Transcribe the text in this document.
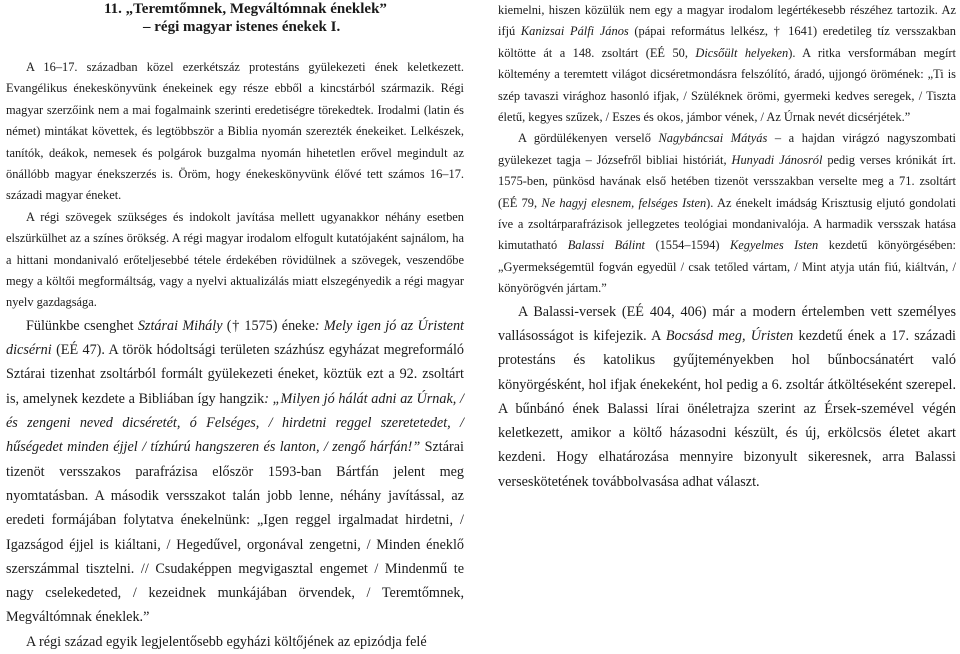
11. „Teremtőmnek, Megváltómnak éneklek”
– régi magyar istenes énekek I.
A 16–17. században közel ezerkétszáz protestáns gyülekezeti ének keletkezett. Evangélikus énekeskönyvünk énekeinek egy része ebből a kincstárból származik. Régi magyar szerzőink nem a mai fogalmaink szerinti eredetiségre törekedtek. Irodalmi (latin és német) mintákat követtek, és legtöbbször a Biblia nyomán szerezték énekeiket. Lelkészek, tanítók, deákok, nemesek és polgárok buzgalma nyomán hihetetlen erővel megindult az önállóbb magyar énekszerzés is. Öröm, hogy énekeskönyvünk élővé tett számos 16–17. századi magyar éneket.
A régi szövegek szükséges és indokolt javítása mellett ugyanakkor néhány esetben elszürkülhet az a színes örökség. A régi magyar irodalom elfogult kutatójaként sajnálom, ha a hittani mondanivaló erőteljesebbé tétele érdekében rövidülnek a szövegek, veszendőbe megy a költői megformáltság, vagy a nyelvi aktualizálás miatt elszegényedik a régi magyar nyelv gazdagsága.
Fülünkbe csenghet Sztárai Mihály († 1575) éneke: Mely igen jó az Úristent dicsérni (EÉ 47). A török hódoltsági területen százhúsz egyházat megreformáló Sztárai tizenhat zsoltárból formált gyülekezeti éneket, köztük ezt a 92. zsoltárt is, amelynek kezdete a Bibliában így hangzik: „Milyen jó hálát adni az Úrnak, / és zengeni neved dicséretét, ó Felséges, / hirdetni reggel szeretetedet, / hűségedet minden éjjel / tízhúrú hangszeren és lanton, / zengő hárfán!” Sztárai tizenöt versszakos parafrázisa először 1593-ban Bártfán jelent meg nyomtatásban. A második versszakot talán jobb lenne, néhány javítással, az eredeti formájában folytatva énekelnünk: „Igen reggel irgalmadat hirdetni, / Igazságod éjjel is kiáltani, / Hegedűvel, orgonával zengetni, / Minden éneklő szerszámmal tisztelni. // Csudaképpen megvigasztal engemet / Mindenmű te nagy cselekedeted, / kezeidnek munkájában örvendek, / Teremtőmnek, Megváltómnak éneklek.”
A régi század egyik legjelentősebb egyházi költőjének az epizódja felé
kiemelni, hiszen közülük nem egy a magyar irodalom legértékesebb részéhez tartozik. Az ifjú Kanizsai Pálfi János (pápai református lelkész, † 1641) eredetileg tíz versszakban költötte át a 148. zsoltárt (EÉ 50, Dicsőült helyeken). A ritka versformában megírt költemény a teremtett világot dicséretmondásra felszólító, áradó, ujjongó örömének: „Ti is szép tavaszi virághoz hasonló ifjak, / Szüléknek örömi, gyermeki kedves seregek, / Tiszta életű, kegyes szűzek, / Eszes és okos, jámbor vének, / Az Úrnak nevét dicsérjétek.”
A gördülékenyen verselő Nagybáncsai Mátyás – a hajdan virágzó nagyszombati gyülekezet tagja – Józsefről bibliai históriát, Hunyadi Jánosról pedig verses krónikát írt. 1575-ben, pünkösd havának első hetében tizenöt versszakban verselte meg a 71. zsoltárt (EÉ 79, Ne hagyj elesnem, felséges Isten). Az énekelt imádság Krisztusig eljutó gondolati íve a zsoltárparafrázisok jellegzetes teológiai mondanivalója. A harmadik versszak hatása kimutatható Balassi Bálint (1554–1594) Kegyelmes Isten kezdetű könyörgésében: „Gyermekségemtül fogván egyedül / csak tetőled vártam, / Mint atyja után fiú, kiáltván, / könyörögvén jártam.”
A Balassi-versek (EÉ 404, 406) már a modern értelemben vett személyes vallásosságot is kifejezik. A Bocsásd meg, Úristen kezdetű ének a 17. századi protestáns és katolikus gyűjteményekben hol bűnbocsánatért való könyörgésként, hol ifjak énekeként, hol pedig a 6. zsoltár átköltéseként szerepel. A bűnbánó ének Balassi lírai önéletrajza szerint az Érsek-szemével végén keletkezett, amikor a költő házasodni készült, és új, erkölcsös életet akart kezdeni. Hogy elhatározása mennyire bizonyult sikeresnek, arra Balassi verseskötetének továbbolvasása adhat választ.
